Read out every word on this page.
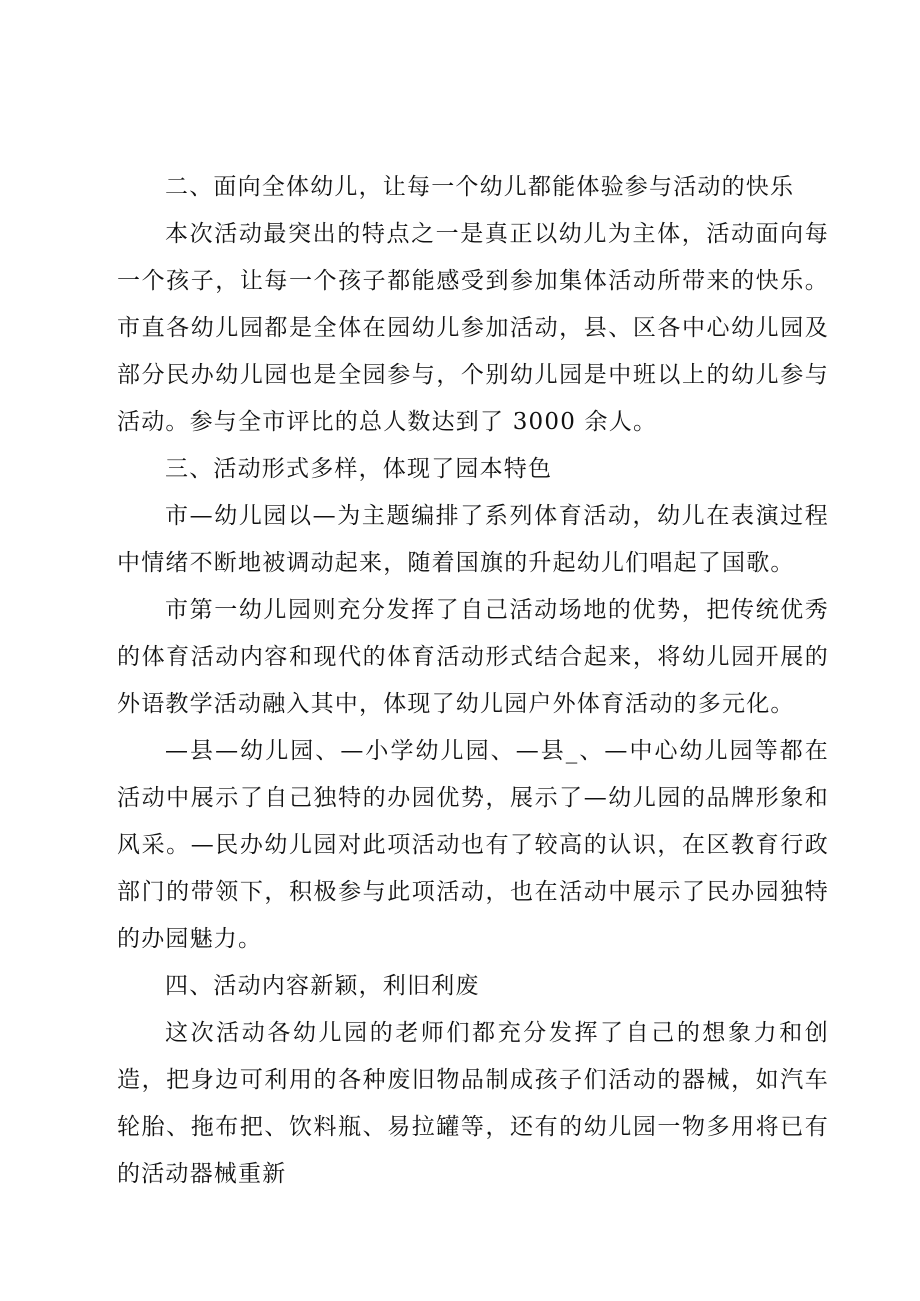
二、面向全体幼儿，让每一个幼儿都能体验参与活动的快乐

本次活动最突出的特点之一是真正以幼儿为主体，活动面向每一个孩子，让每一个孩子都能感受到参加集体活动所带来的快乐。市直各幼儿园都是全体在园幼儿参加活动，县、区各中心幼儿园及部分民办幼儿园也是全园参与，个别幼儿园是中班以上的幼儿参与活动。参与全市评比的总人数达到了 3000 余人。

三、活动形式多样，体现了园本特色

市—幼儿园以—为主题编排了系列体育活动，幼儿在表演过程中情绪不断地被调动起来，随着国旗的升起幼儿们唱起了国歌。

市第一幼儿园则充分发挥了自己活动场地的优势，把传统优秀的体育活动内容和现代的体育活动形式结合起来，将幼儿园开展的外语教学活动融入其中，体现了幼儿园户外体育活动的多元化。

—县—幼儿园、—小学幼儿园、—县_、—中心幼儿园等都在活动中展示了自己独特的办园优势，展示了—幼儿园的品牌形象和风采。—民办幼儿园对此项活动也有了较高的认识，在区教育行政部门的带领下，积极参与此项活动，也在活动中展示了民办园独特的办园魅力。

四、活动内容新颖，利旧利废

这次活动各幼儿园的老师们都充分发挥了自己的想象力和创造，把身边可利用的各种废旧物品制成孩子们活动的器械，如汽车轮胎、拖布把、饮料瓶、易拉罐等，还有的幼儿园一物多用将已有的活动器械重新
